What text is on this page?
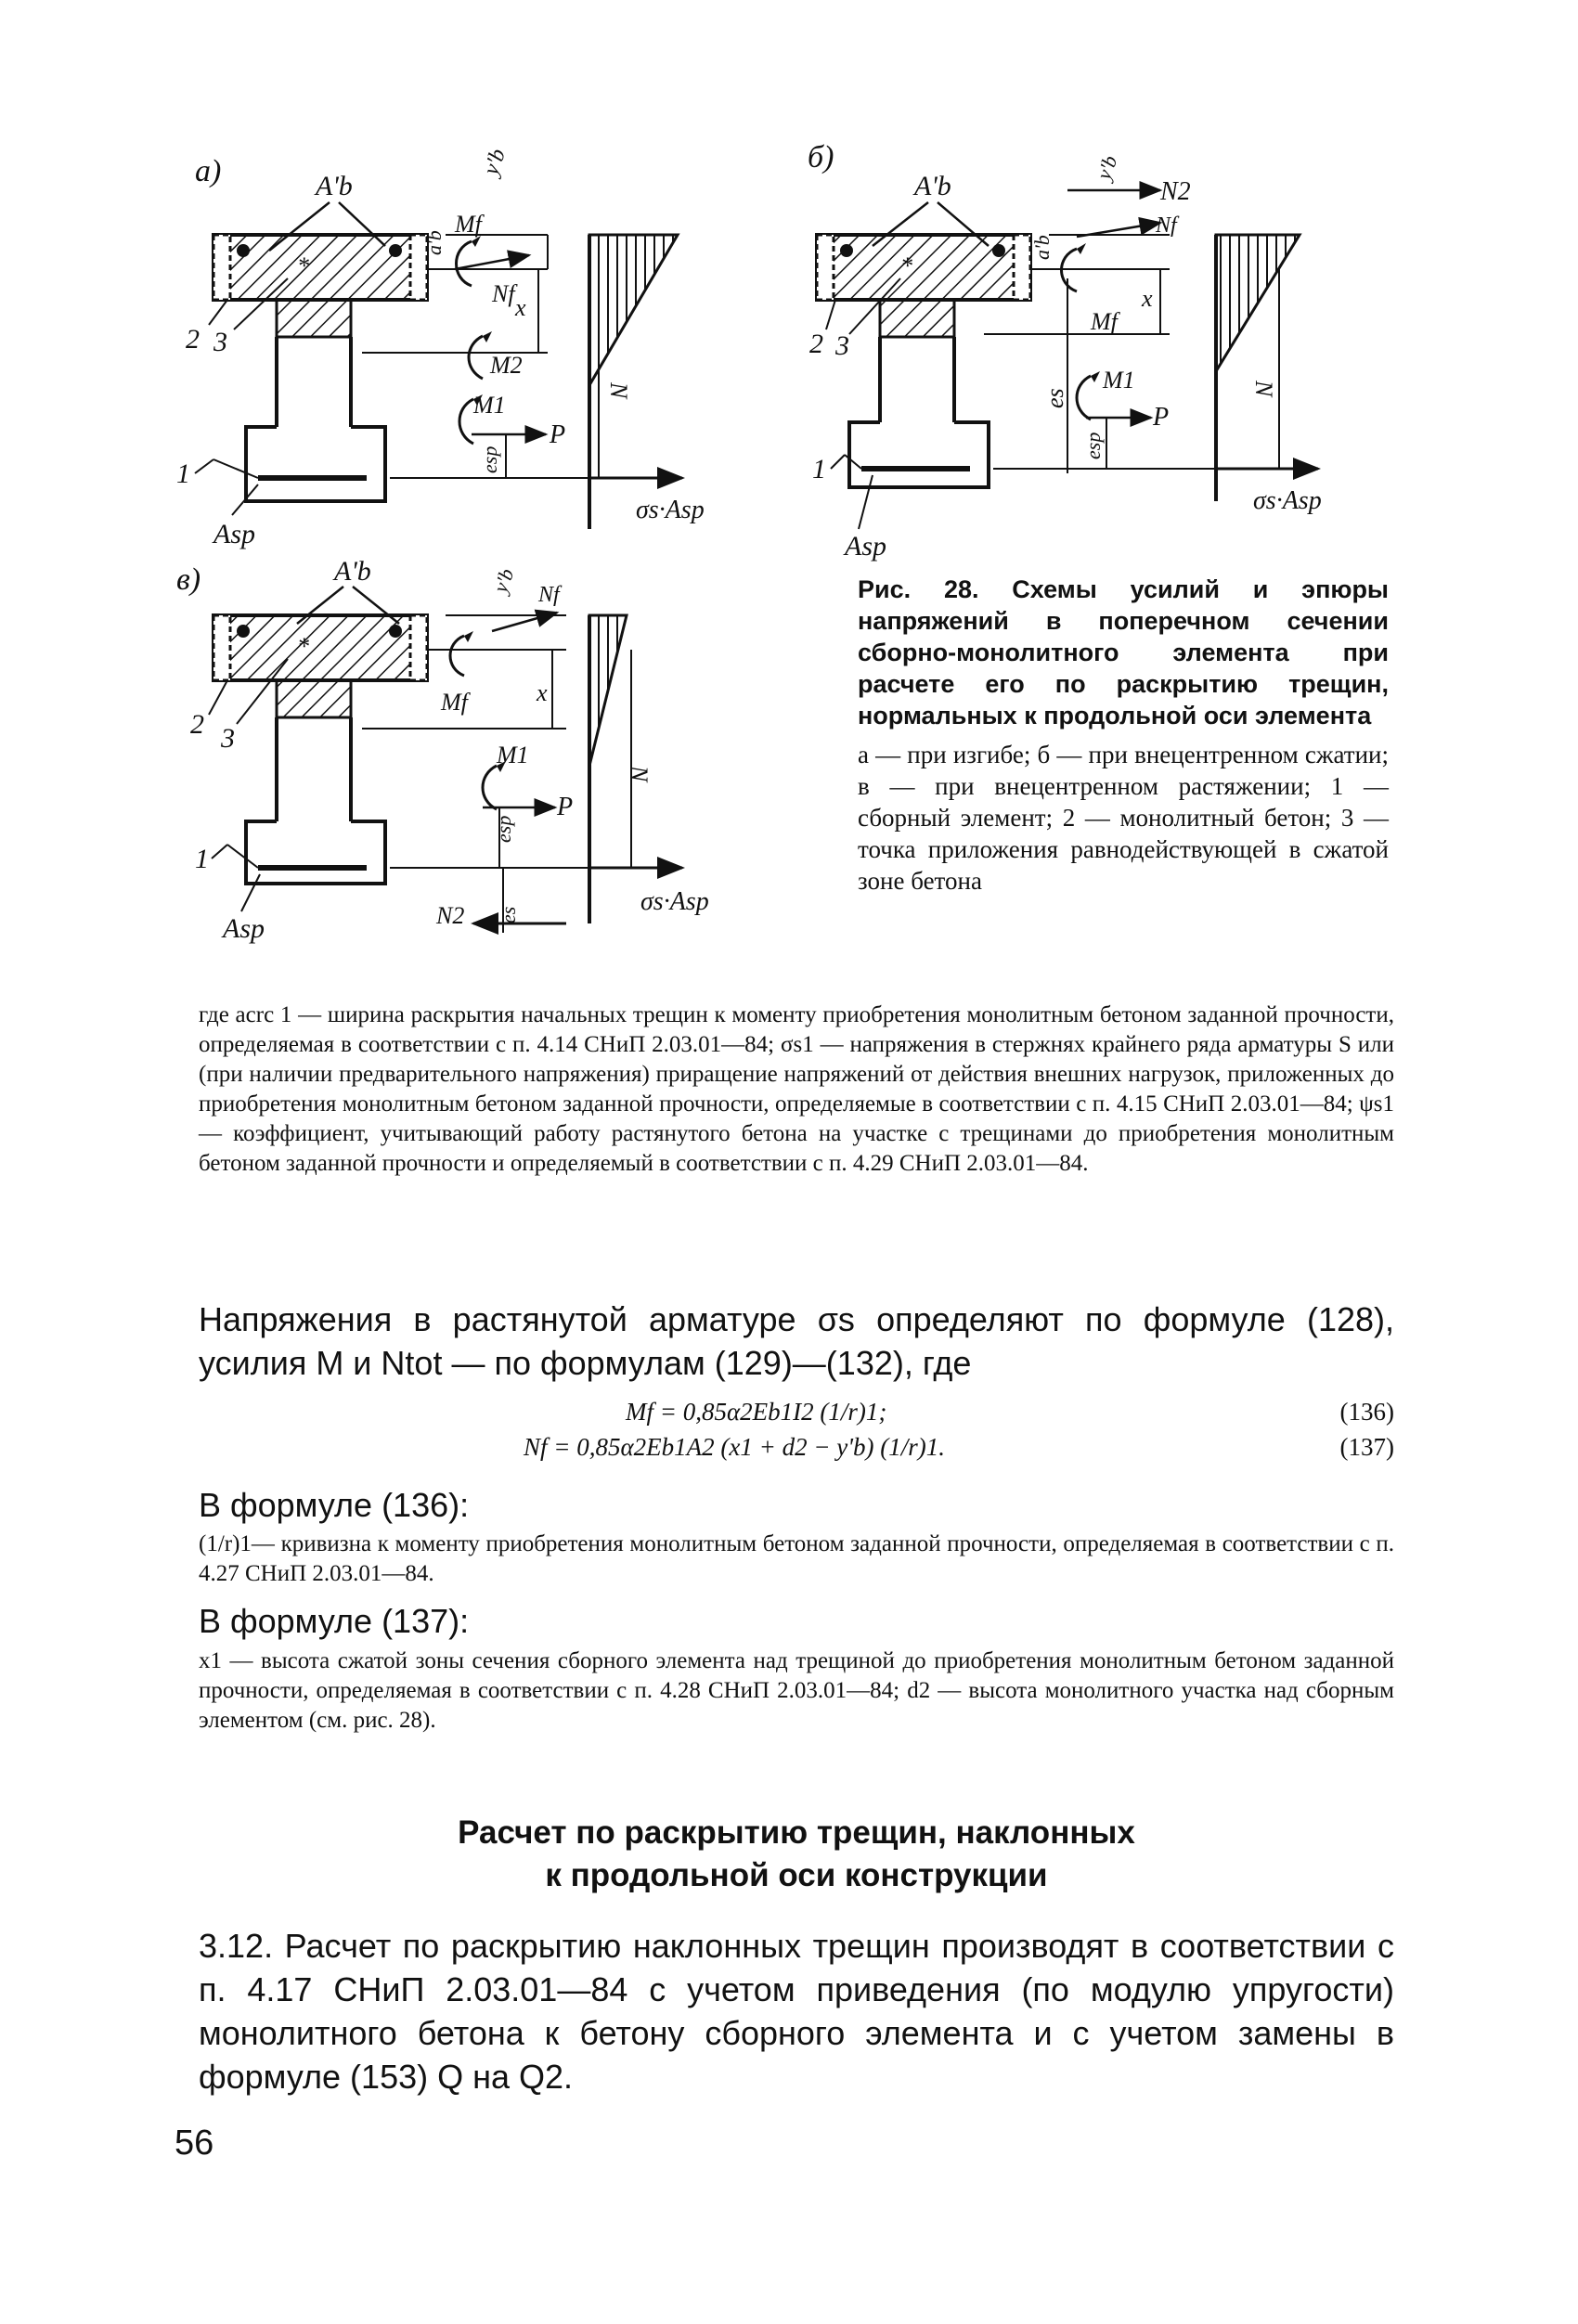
а)	A'b
*
2 3
1
Asp
Mf
Nf
y'b
a'b
M2
M1
P
esp
x
N
σs·Asp
б)
A'b
*
2 3
1
Asp
N2
Nf
y'b
Mf
a'b
M1
P
es
esp
x
N
σs·Asp
в)	A'b
*
2 3
1
Asp
Nf
y'b
Mf
M1
P
esp
N2 es
x
N
σs·Asp
Рис. 28. Схемы усилий и эпюры напряжений в поперечном сечении сборно-монолитного элемента при расчете его по раскрытию трещин, нормальных к продольной оси элемента
а — при изгибе; б — при внецентренном сжатии; в — при внецентренном растяжении; 1 — сборный элемент; 2 — монолитный бетон; 3 — точка приложения равнодействующей в сжатой зоне бетона
где acrc 1 — ширина раскрытия начальных трещин к моменту приобретения монолитным бетоном заданной прочности, определяемая в соответствии с п. 4.14 СНиП 2.03.01—84; σs1 — напряжения в стержнях крайнего ряда арматуры S или (при наличии предварительного напряжения) приращение напряжений от действия внешних нагрузок, приложенных до приобретения монолитным бетоном заданной прочности, определяемые в соответствии с п. 4.15 СНиП 2.03.01—84; ψs1 — коэффициент, учитывающий работу растянутого бетона на участке с трещинами до приобретения монолитным бетоном заданной прочности и определяемый в соответствии с п. 4.29 СНиП 2.03.01—84.
Напряжения в растянутой арматуре σs определяют по формуле (128), усилия M и Ntot — по формулам (129)—(132), где
Mf = 0,85α2Eb1I2 (1/r)1;	(136)
Nf = 0,85α2Eb1A2 (x1 + d2 − y'b) (1/r)1.	(137)
В формуле (136):
(1/r)1— кривизна к моменту приобретения монолитным бетоном заданной прочности, определяемая в соответствии с п. 4.27 СНиП 2.03.01—84.
В формуле (137):
x1 — высота сжатой зоны сечения сборного элемента над трещиной до приобретения монолитным бетоном заданной прочности, определяемая в соответствии с п. 4.28 СНиП 2.03.01—84; d2 — высота монолитного участка над сборным элементом (см. рис. 28).
Расчет по раскрытию трещин, наклонных
к продольной оси конструкции
3.12. Расчет по раскрытию наклонных трещин производят в соответствии с п. 4.17 СНиП 2.03.01—84 с учетом приведения (по модулю упругости) монолитного бетона к бетону сборного элемента и с учетом замены в формуле (153) Q на Q2.
56
